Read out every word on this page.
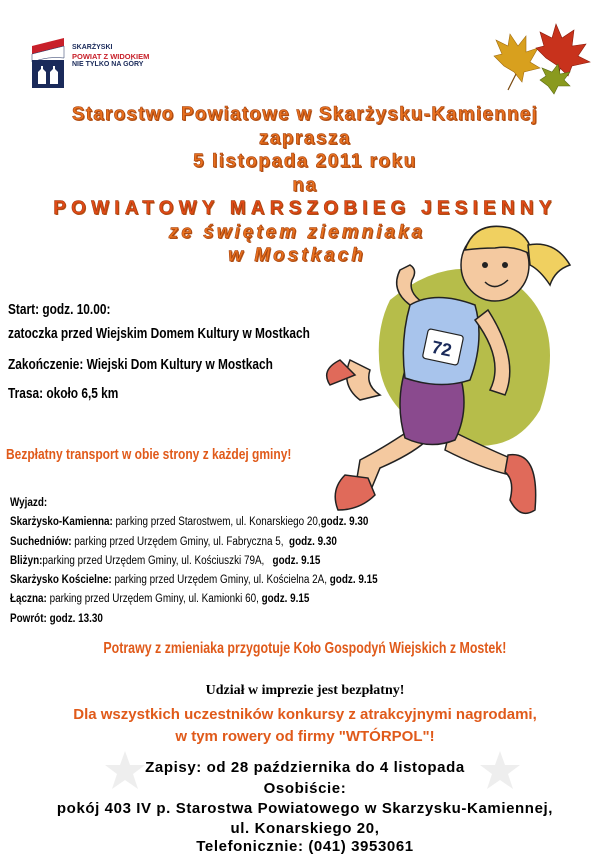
SKARŻYSKI
POWIAT Z WIDOKIEM
NIE TYLKO NA GÓRY
Starostwo Powiatowe w Skarżysku-Kamiennej
zaprasza
5 listopada 2011 roku
na
POWIATOWY MARSZOBIEG JESIENNY
ze świętem ziemniaka
w Mostkach
72
Start: godz. 10.00:
zatoczka przed Wiejskim Domem Kultury w Mostkach
Zakończenie: Wiejski Dom Kultury w Mostkach
Trasa: około 6,5 km
Bezpłatny transport w obie strony z każdej gminy!
Wyjazd:
Skarżysko-Kamienna: parking przed Starostwem, ul. Konarskiego 20,godz. 9.30
Suchedniów: parking przed Urzędem Gminy, ul. Fabryczna 5,  godz. 9.30
Bliżyn:parking przed Urzędem Gminy, ul. Kościuszki 79A,   godz. 9.15
Skarżysko Kościelne: parking przed Urzędem Gminy, ul. Kościelna 2A, godz. 9.15
Łączna: parking przed Urzędem Gminy, ul. Kamionki 60, godz. 9.15
Powrót: godz. 13.30
Potrawy z zmieniaka przygotuje Koło Gospodyń Wiejskich z Mostek!
Udział w imprezie jest bezpłatny!
Dla wszystkich uczestników konkursy z atrakcyjnymi nagrodami,
w tym rowery od firmy "WTÓRPOL"!
Zapisy: od 28 października do 4 listopada
Osobiście:
pokój 403 IV p. Starostwa Powiatowego w Skarzysku-Kamiennej,
ul. Konarskiego 20,
Telefonicznie: (041) 3953061
